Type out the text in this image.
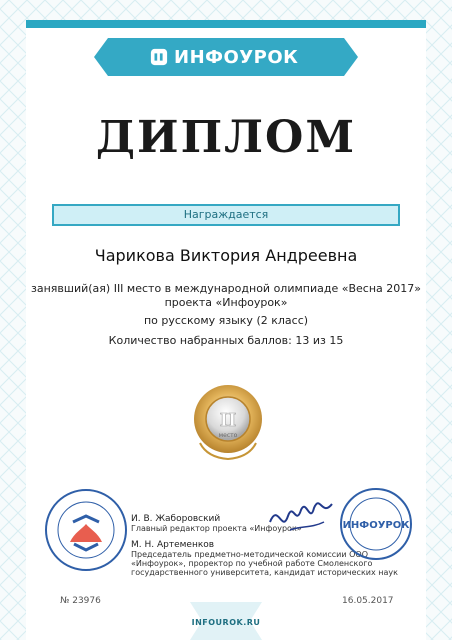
ИНФОУРОК
ДИПЛОМ
Награждается
Чарикова Виктория Андреевна
занявший(ая) III место в международной олимпиаде «Весна 2017»
проекта «Инфоурок»
по русскому языку (2 класс)
Количество набранных баллов: 13 из 15
II
место
И. В. Жаборовский
Главный редактор проекта «Инфоурок»
М. Н. Артеменков
Председатель предметно-методической комиссии ООО
«Инфоурок», проректор по учебной работе Смоленского
государственного университета, кандидат исторических наук
ИНФОУРОК
№ 23976	16.05.2017
INFOUROK.RU
